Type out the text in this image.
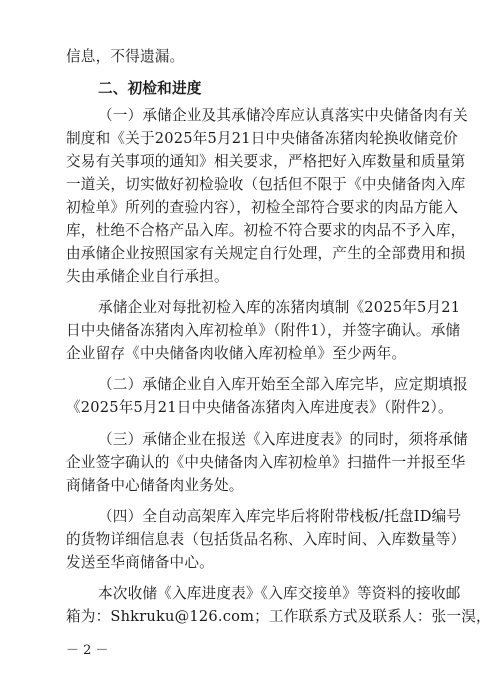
信息，不得遗漏。
二、初检和进度
（一）承储企业及其承储冷库应认真落实中央储备肉有关
制度和《关于2025年5月21日中央储备冻猪肉轮换收储竞价
交易有关事项的通知》相关要求，严格把好入库数量和质量第
一道关，切实做好初检验收（包括但不限于《中央储备肉入库
初检单》所列的查验内容），初检全部符合要求的肉品方能入
库，杜绝不合格产品入库。初检不符合要求的肉品不予入库，
由承储企业按照国家有关规定自行处理，产生的全部费用和损
失由承储企业自行承担。
承储企业对每批初检入库的冻猪肉填制《2025年5月21
日中央储备冻猪肉入库初检单》（附件1），并签字确认。承储
企业留存《中央储备肉收储入库初检单》至少两年。
（二）承储企业自入库开始至全部入库完毕，应定期填报
《2025年5月21日中央储备冻猪肉入库进度表》（附件2）。
（三）承储企业在报送《入库进度表》的同时，须将承储
企业签字确认的《中央储备肉入库初检单》扫描件一并报至华
商储备中心储备肉业务处。
（四）全自动高架库入库完毕后将附带栈板/托盘ID编号
的货物详细信息表（包括货品名称、入库时间、入库数量等）
发送至华商储备中心。
本次收储《入库进度表》《入库交接单》等资料的接收邮
箱为：Shkruku@126.com；工作联系方式及联系人：张一淏，
－ 2 －
